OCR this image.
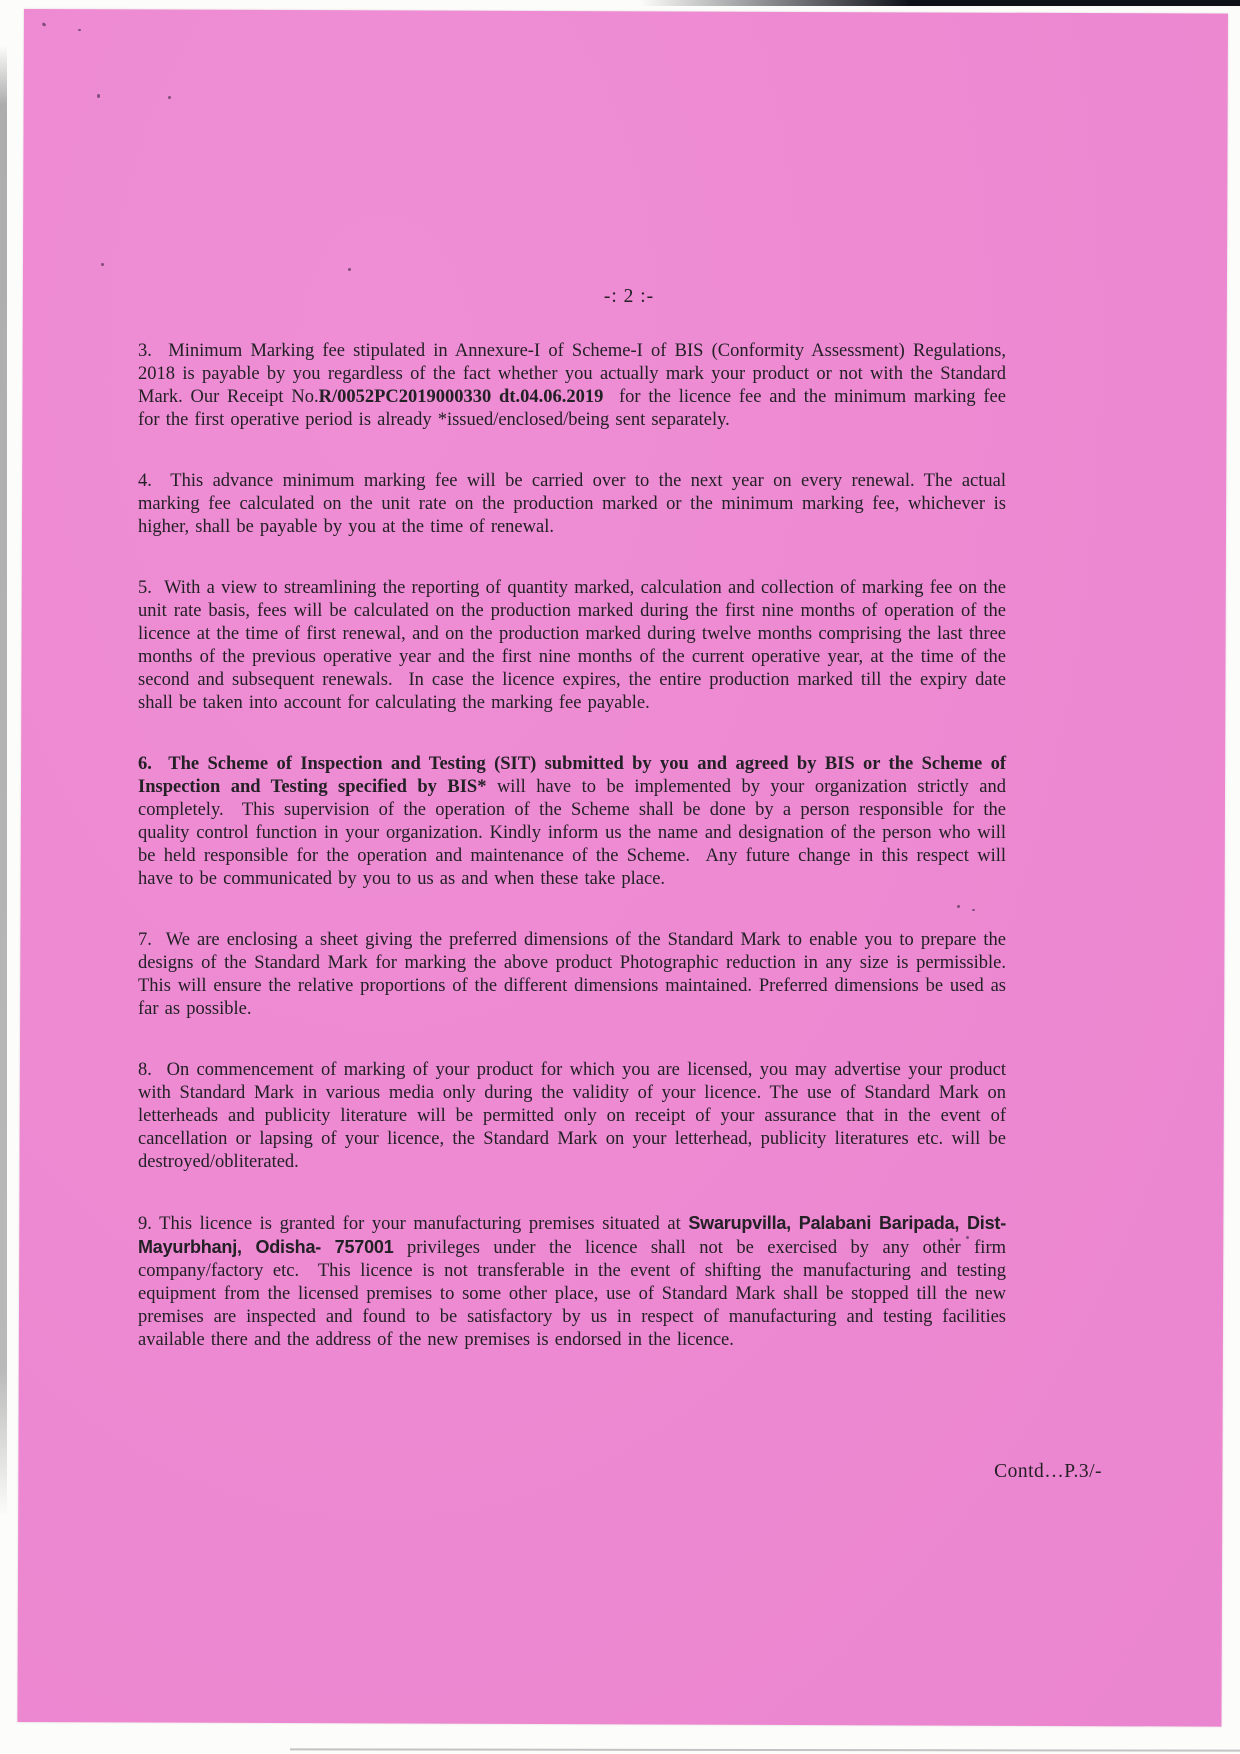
-: 2 :-

3.  Minimum Marking fee stipulated in Annexure-I of Scheme-I of BIS (Conformity Assessment) Regulations, 2018 is payable by you regardless of the fact whether you actually mark your product or not with the Standard Mark. Our Receipt No.R/0052PC2019000330 dt.04.06.2019  for the licence fee and the minimum marking fee for the first operative period is already *issued/enclosed/being sent separately.

4.  This advance minimum marking fee will be carried over to the next year on every renewal. The actual marking fee calculated on the unit rate on the production marked or the minimum marking fee, whichever is higher, shall be payable by you at the time of renewal.

5.  With a view to streamlining the reporting of quantity marked, calculation and collection of marking fee on the unit rate basis, fees will be calculated on the production marked during the first nine months of operation of the licence at the time of first renewal, and on the production marked during twelve months comprising the last three months of the previous operative year and the first nine months of the current operative year, at the time of the second and subsequent renewals.  In case the licence expires, the entire production marked till the expiry date shall be taken into account for calculating the marking fee payable.

6.  The Scheme of Inspection and Testing (SIT) submitted by you and agreed by BIS or the Scheme of Inspection and Testing specified by BIS* will have to be implemented by your organization strictly and completely.  This supervision of the operation of the Scheme shall be done by a person responsible for the quality control function in your organization. Kindly inform us the name and designation of the person who will be held responsible for the operation and maintenance of the Scheme.  Any future change in this respect will have to be communicated by you to us as and when these take place.

7.  We are enclosing a sheet giving the preferred dimensions of the Standard Mark to enable you to prepare the designs of the Standard Mark for marking the above product Photographic reduction in any size is permissible.  This will ensure the relative proportions of the different dimensions maintained. Preferred dimensions be used as far as possible.

8.  On commencement of marking of your product for which you are licensed, you may advertise your product with Standard Mark in various media only during the validity of your licence. The use of Standard Mark on letterheads and publicity literature will be permitted only on receipt of your assurance that in the event of cancellation or lapsing of your licence, the Standard Mark on your letterhead, publicity literatures etc. will be destroyed/obliterated.

9. This licence is granted for your manufacturing premises situated at Swarupvilla, Palabani Baripada, Dist- Mayurbhanj, Odisha- 757001 privileges under the licence shall not be exercised by any other firm company/factory etc.  This licence is not transferable in the event of shifting the manufacturing and testing equipment from the licensed premises to some other place, use of Standard Mark shall be stopped till the new premises are inspected and found to be satisfactory by us in respect of manufacturing and testing facilities available there and the address of the new premises is endorsed in the licence.

Contd…P.3/-
